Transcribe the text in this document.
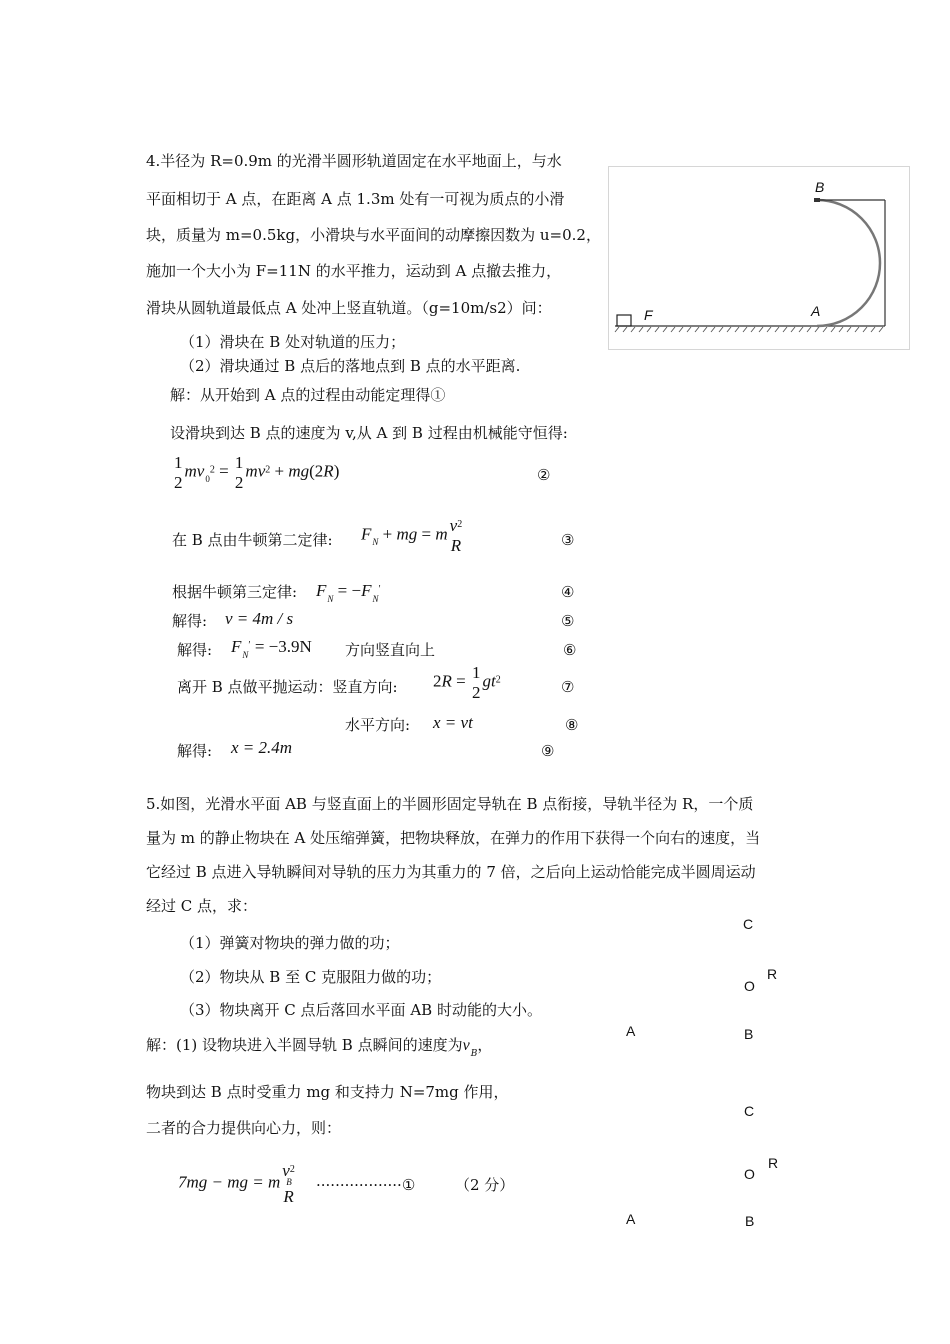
4.半径为 R=0.9m 的光滑半圆形轨道固定在水平地面上，与水
平面相切于 A 点，在距离 A 点 1.3m 处有一可视为质点的小滑
块，质量为 m=0.5kg，小滑块与水平面间的动摩擦因数为 u=0.2，
施加一个大小为 F=11N 的水平推力，运动到 A 点撤去推力，
滑块从圆轨道最低点 A 处冲上竖直轨道。（g=10m/s2）问：
（1）滑块在 B 处对轨道的压力；
（2）滑块通过 B 点后的落地点到 B 点的水平距离.
B
A
F
解：从开始到 A 点的过程由动能定理得①
设滑块到达 B 点的速度为 v,从 A 到 B 过程由机械能守恒得:
1
2
$mv_0^2 = 1$
2
$mv^2 + mg(2R)$	②
在 B 点由牛顿第二定律: $F_N$ + mg = m $v^2$
R	③
根据牛顿第三定律: $F_N = -F_N'$	④
解得: v = 4m / s	⑤
解得: $F_N' = -3.9N$ 方向竖直向上	⑥
离开 B 点做平抛运动：竖直方向: 2R = 1
2
$gt^2$	⑦
水平方向: x = vt	⑧
解得: x = 2.4m	⑨
5.如图，光滑水平面 AB 与竖直面上的半圆形固定导轨在 B 点衔接，导轨半径为 R，一个质
量为 m 的静止物块在 A 处压缩弹簧，把物块释放，在弹力的作用下获得一个向右的速度，当
它经过 B 点进入导轨瞬间对导轨的压力为其重力的 7 倍，之后向上运动恰能完成半圆周运动
经过 C 点，求：
（1）弹簧对物块的弹力做的功；
（2）物块从 B 至 C 克服阻力做的功；
（3）物块离开 C 点后落回水平面 AB 时动能的大小。
C
R
O
A	B
解：(1) 设物块进入半圆导轨 B 点瞬间的速度为$v_B$，
物块到达 B 点时受重力 mg 和支持力 N=7mg 作用，
二者的合力提供向心力，则：
C
R
O
A	B
7mg − mg = m
$v^2$
B
R
··················①	（2 分）
